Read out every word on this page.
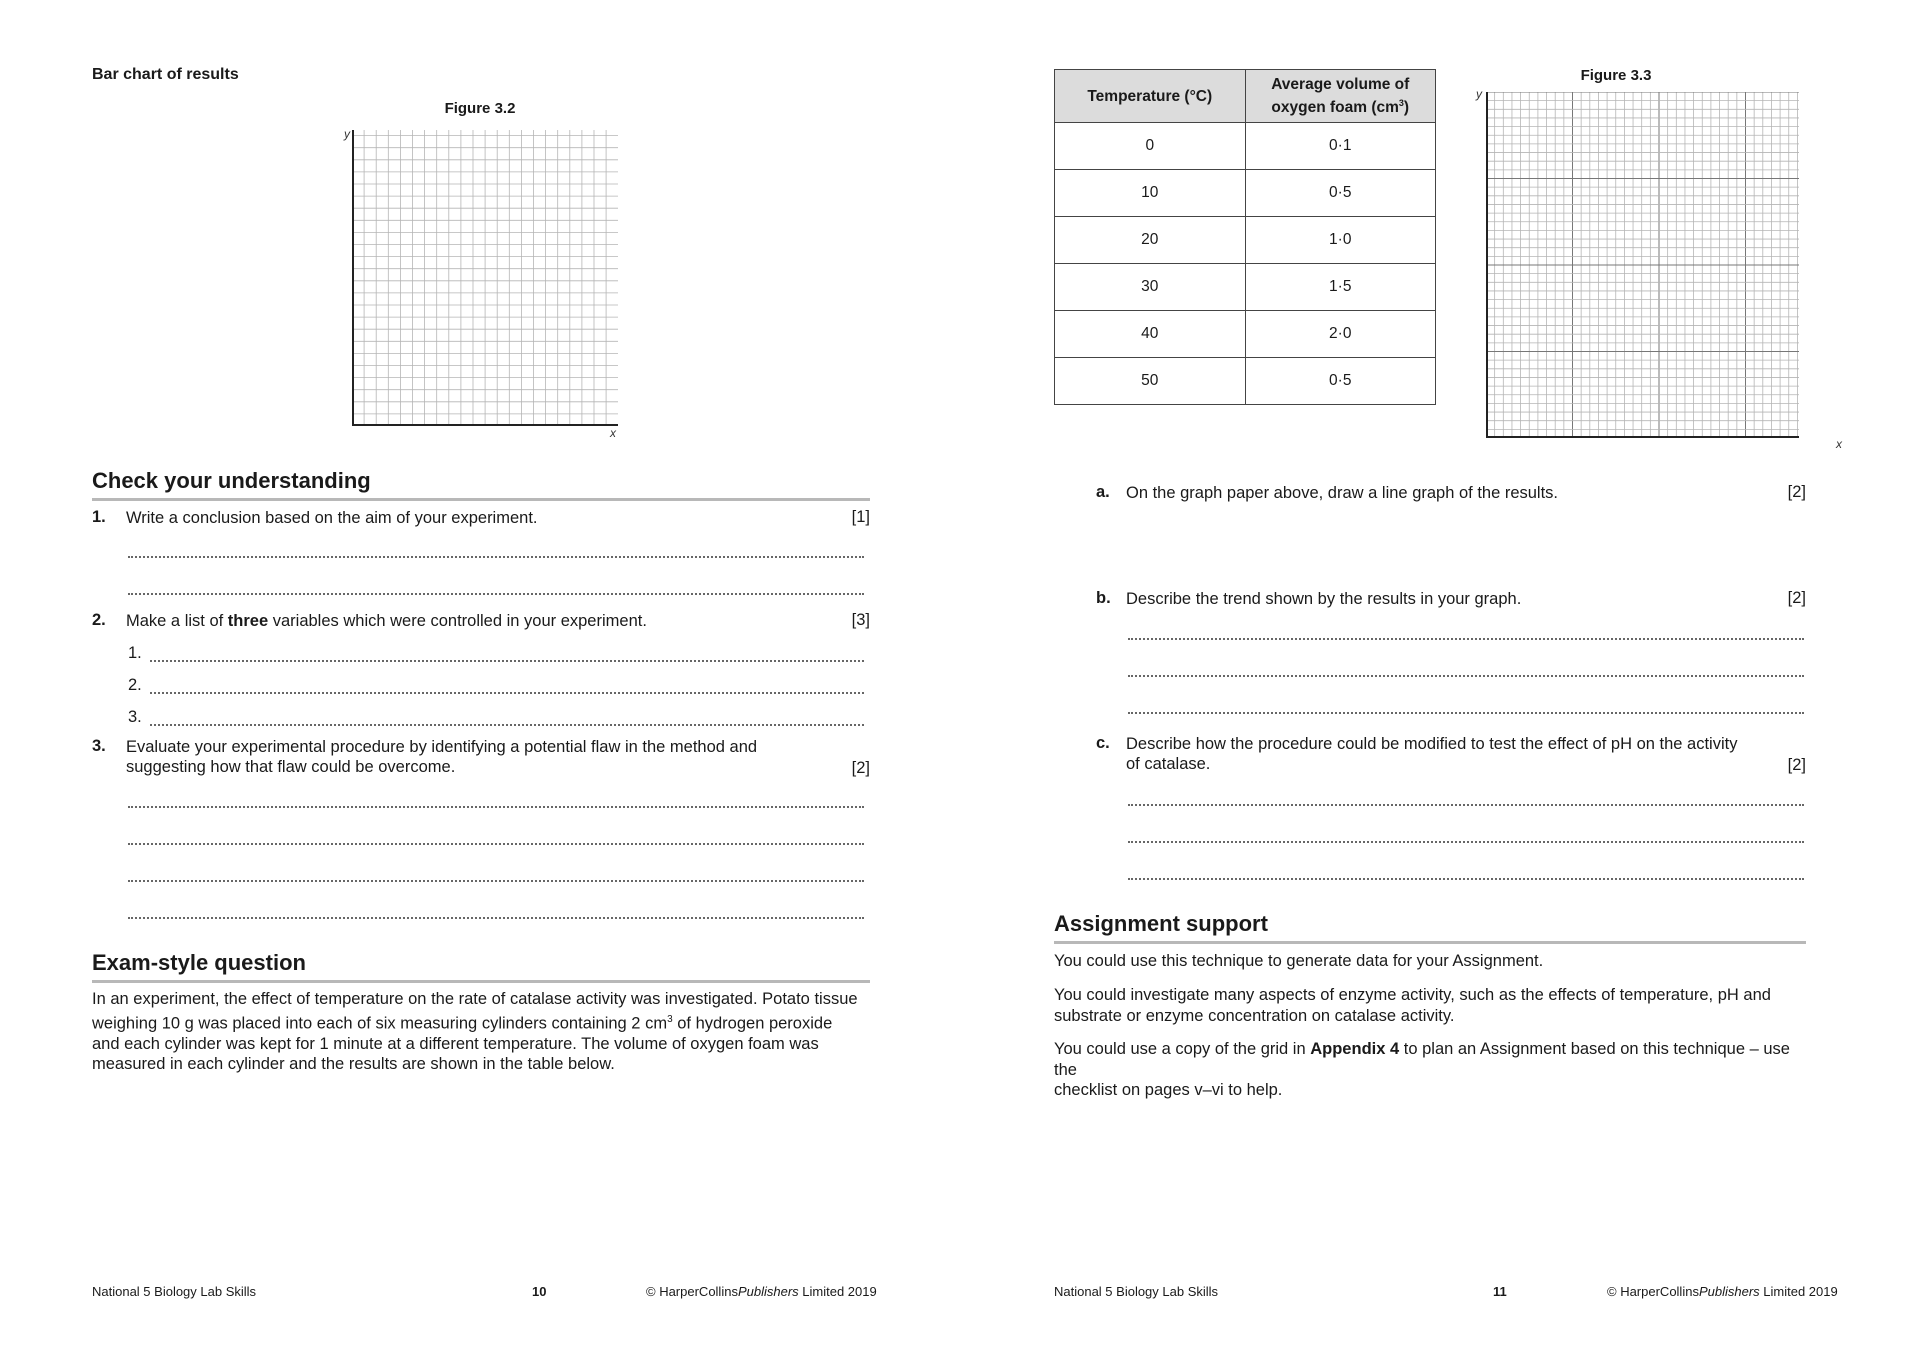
Bar chart of results
Figure 3.2
y
x
Check your understanding
1. Write a conclusion based on the aim of your experiment.	[1]
2. Make a list of three variables which were controlled in your experiment.	[3]
1.
2.
3.
3. Evaluate your experimental procedure by identifying a potential flaw in the method and
suggesting how that flaw could be overcome.	[2]
Exam-style question
In an experiment, the effect of temperature on the rate of catalase activity was investigated. Potato tissue
weighing 10 g was placed into each of six measuring cylinders containing 2 $cm^3$ of hydrogen peroxide
and each cylinder was kept for 1 minute at a different temperature. The volume of oxygen foam was
measured in each cylinder and the results are shown in the table below.
National 5 Biology Lab Skills	10	© HarperCollinsPublishers Limited 2019
Temperature (°C)	Average volume of
oxygen foam $(cm^3)$

0	0·1
10	0·5
20	1·0
30	1·5
40	2·0
50	0·5
Figure 3.3
y
x
a. On the graph paper above, draw a line graph of the results.	[2]
b. Describe the trend shown by the results in your graph.	[2]
c. Describe how the procedure could be modified to test the effect of pH on the activity
of catalase.	[2]
Assignment support
You could use this technique to generate data for your Assignment.
You could investigate many aspects of enzyme activity, such as the effects of temperature, pH and
substrate or enzyme concentration on catalase activity.
You could use a copy of the grid in Appendix 4 to plan an Assignment based on this technique – use the
checklist on pages v–vi to help.
National 5 Biology Lab Skills	11	© HarperCollinsPublishers Limited 2019
